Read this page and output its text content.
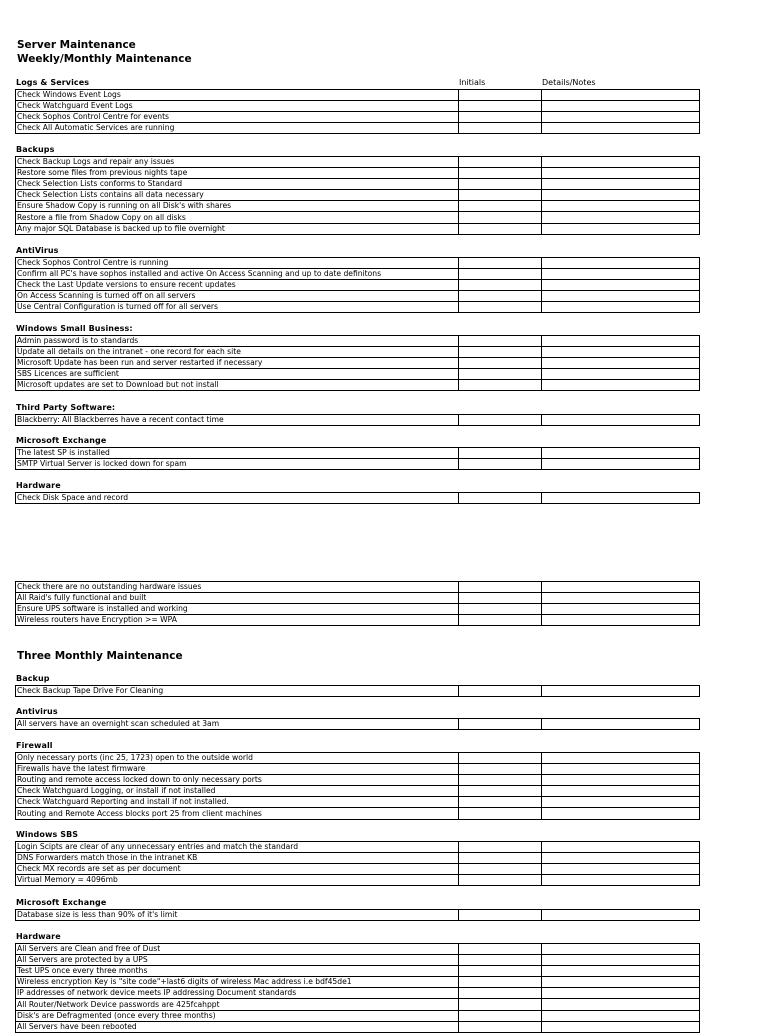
Server Maintenance
Weekly/Monthly Maintenance
Initials	Details/Notes
Logs & Services
Check Windows Event Logs		
Check Watchguard Event Logs		
Check Sophos Control Centre for events		
Check All Automatic Services are running		
Backups
Check Backup Logs and repair any issues		
Restore some files from previous nights tape		
Check Selection Lists conforms to Standard		
Check Selection Lists contains all data necessary		
Ensure Shadow Copy is running on all Disk's with shares		
Restore a file from Shadow Copy on all disks		
Any major SQL Database is backed up to file overnight		
AntiVirus
Check Sophos Control Centre is running		
Confirm all PC's have sophos installed and active On Access Scanning and up to date definitons		
Check the Last Update versions to ensure recent updates		
On Access Scanning is turned off on all servers		
Use Central Configuration is turned off for all servers		
Windows Small Business:
Admin password is to standards		
Update all details on the intranet - one record for each site		
Microsoft Update has been run and server restarted if necessary		
SBS Licences are sufficient		
Microsoft updates are set to Download but not install		
Third Party Software:
Blackberry: All Blackberres have a recent contact time		
Microsoft Exchange
The latest SP is installed		
SMTP Virtual Server is locked down for spam		
Hardware
Check Disk Space and record		
Check there are no outstanding hardware issues		
All Raid's fully functional and built		
Ensure UPS software is installed and working		
Wireless routers have Encryption >= WPA		
Three Monthly Maintenance
Backup
Check Backup Tape Drive For Cleaning		
Antivirus
All servers have an overnight scan scheduled at 3am		
Firewall
Only necessary ports (inc 25, 1723) open to the outside world		
Firewalls have the latest firmware		
Routing and remote access locked down to only necessary ports		
Check Watchguard Logging, or install if not installed		
Check Watchguard Reporting and install if not installed.		
Routing and Remote Access blocks port 25 from client machines		
Windows SBS
Login Scipts are clear of any unnecessary entries and match the standard		
DNS Forwarders match those in the intranet KB		
Check MX records are set as per document		
Virtual Memory = 4096mb		
Microsoft Exchange
Database size is less than 90% of it's limit		
Hardware
All Servers are Clean and free of Dust		
All Servers are protected by a UPS		
Test UPS once every three months		
Wireless encryption Key is "site code"+last6 digits of wireless Mac address i.e bdf45de1		
IP addresses of network device meets IP addressing Document standards		
All Router/Network Device passwords are 425fcahppt		
Disk's are Defragmented (once every three months)		
All Servers have been rebooted		
